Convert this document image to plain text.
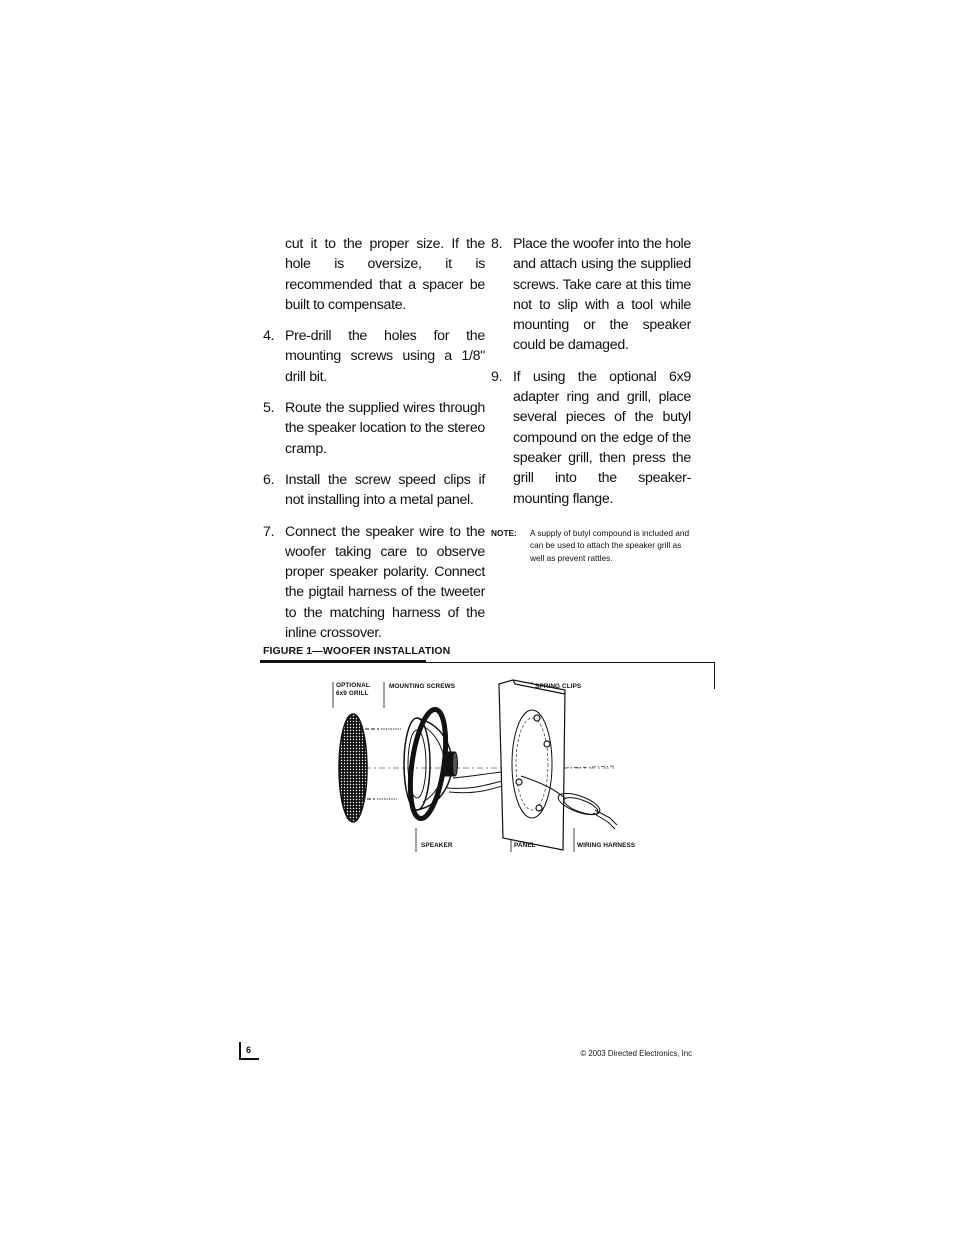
cut it to the proper size. If the hole is oversize, it is recommended that a spacer be built to compensate.

4. Pre-drill the holes for the mounting screws using a 1/8" drill bit.
5. Route the supplied wires through the speaker location to the stereo cramp.
6. Install the screw speed clips if not installing into a metal panel.
7. Connect the speaker wire to the woofer taking care to observe proper speaker polarity. Connect the pigtail harness of the tweeter to the matching harness of the inline crossover.
8. Place the woofer into the hole and attach using the supplied screws. Take care at this time not to slip with a tool while mounting or the speaker could be damaged.
9. If using the optional 6x9 adapter ring and grill, place several pieces of the butyl compound on the edge of the speaker grill, then press the grill into the speaker-mounting flange.
NOTE:	A supply of butyl compound is included and can be used to attach the speaker grill as well as prevent rattles.
FIGURE 1—WOOFER INSTALLATION
OPTIONAL 6x9 GRILL
MOUNTING SCREWS	SPRING CLIPS
SPEAKER	PANEL	WIRING HARNESS
6	© 2003 Directed Electronics, Inc
